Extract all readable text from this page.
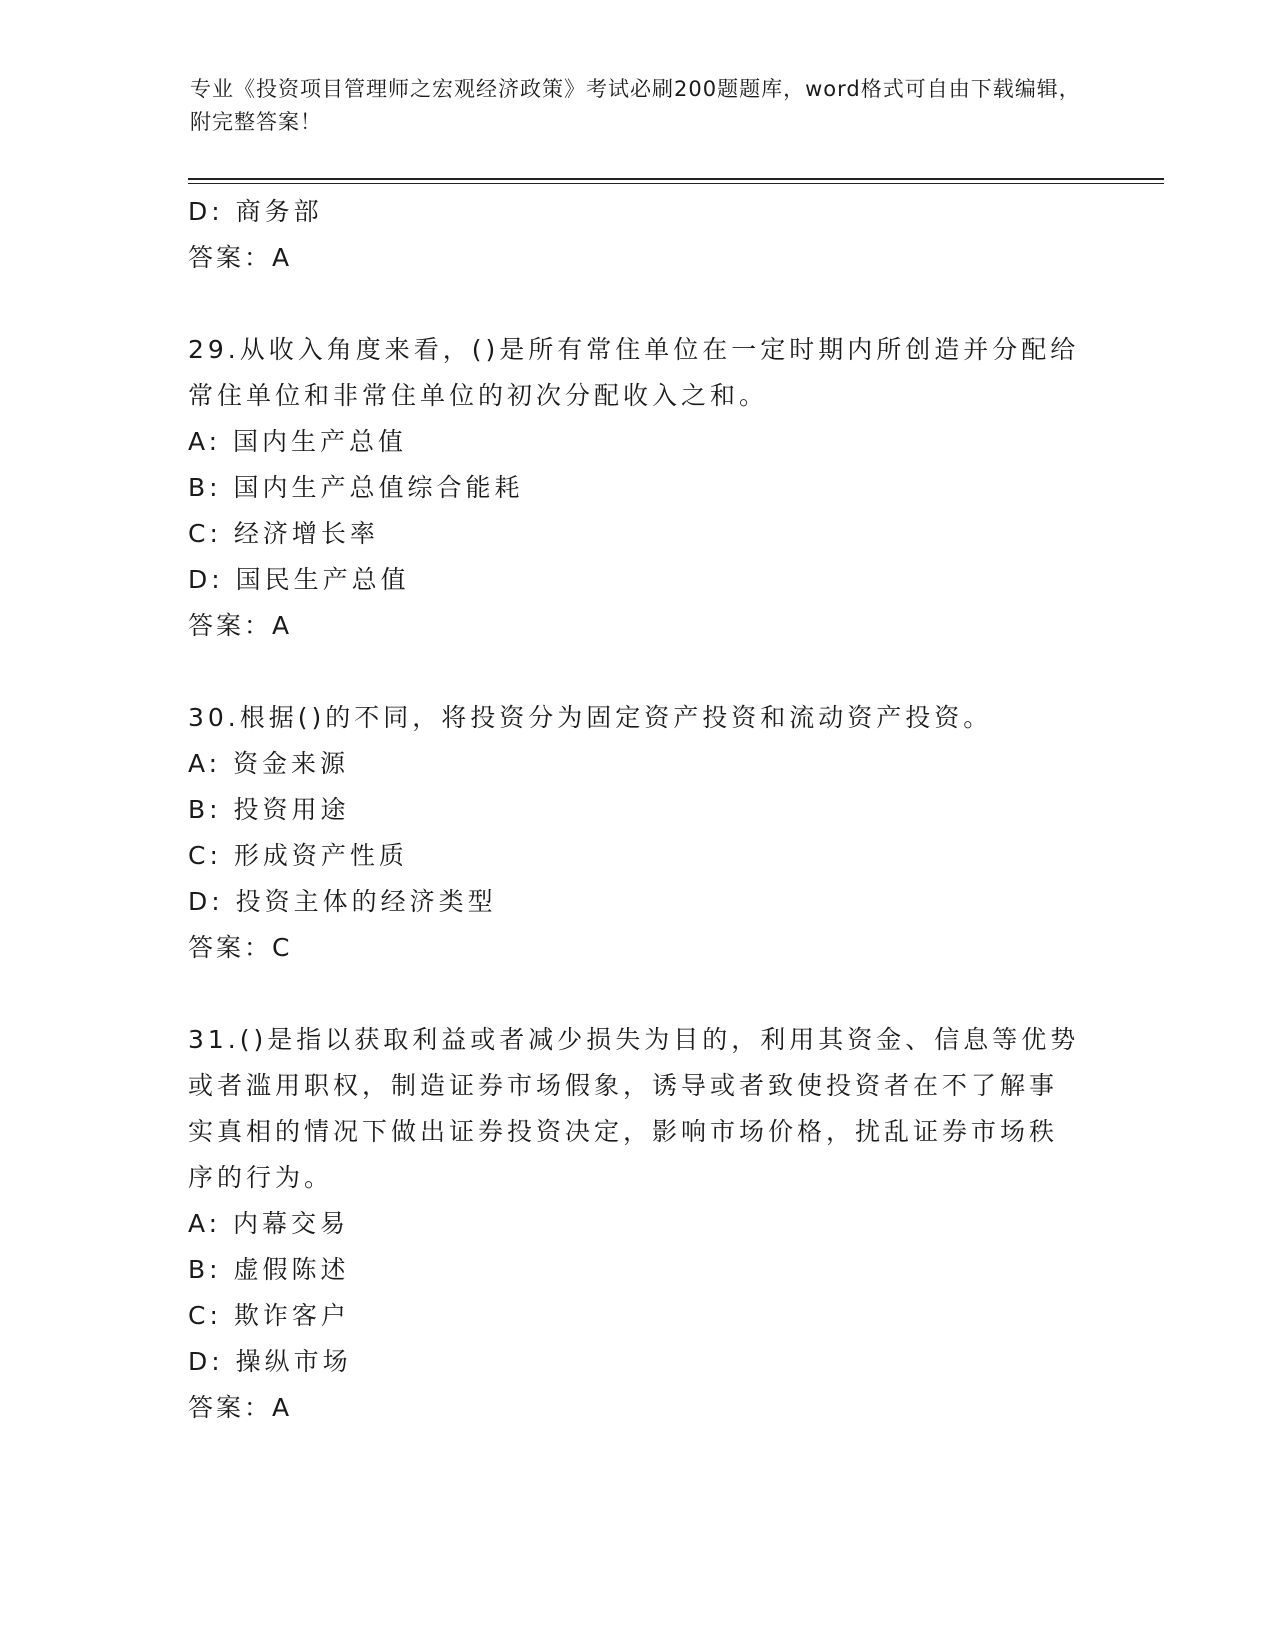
专业《投资项目管理师之宏观经济政策》考试必刷200题题库，word格式可自由下载编辑，附完整答案！
D: 商务部
答案：A
29.从收入角度来看，()是所有常住单位在一定时期内所创造并分配给
常住单位和非常住单位的初次分配收入之和。
A: 国内生产总值
B: 国内生产总值综合能耗
C: 经济增长率
D: 国民生产总值
答案：A
30.根据()的不同，将投资分为固定资产投资和流动资产投资。
A: 资金来源
B: 投资用途
C: 形成资产性质
D: 投资主体的经济类型
答案：C
31.()是指以获取利益或者减少损失为目的，利用其资金、信息等优势
或者滥用职权，制造证券市场假象，诱导或者致使投资者在不了解事
实真相的情况下做出证券投资决定，影响市场价格，扰乱证券市场秩
序的行为。
A: 内幕交易
B: 虚假陈述
C: 欺诈客户
D: 操纵市场
答案：A
